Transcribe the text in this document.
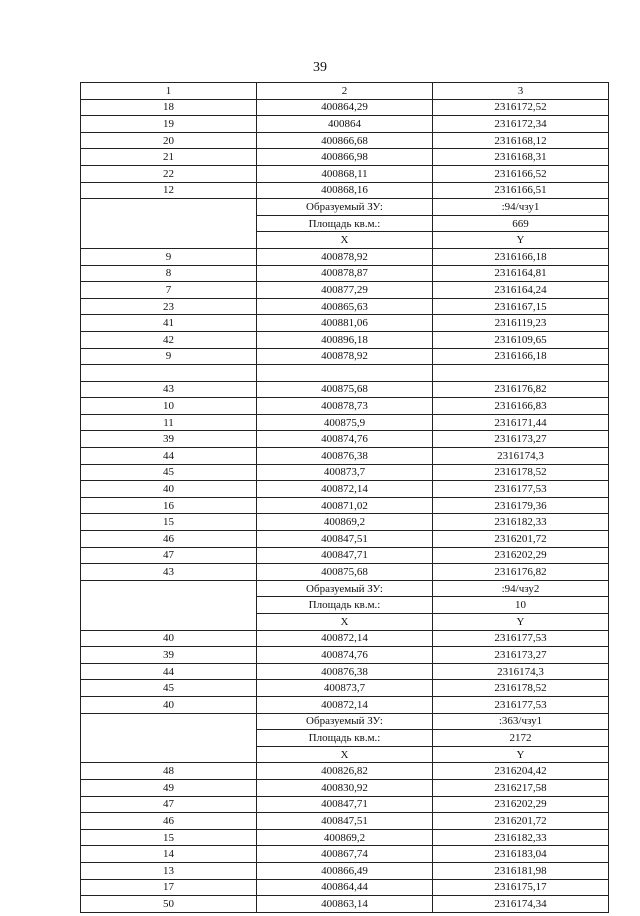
39
1	2	3
18	400864,29	2316172,52
19	400864	2316172,34
20	400866,68	2316168,12
21	400866,98	2316168,31
22	400868,11	2316166,52
12	400868,16	2316166,51
	Образуемый ЗУ:	:94/чзу1
	Площадь кв.м.:	669
	X	Y
9	400878,92	2316166,18
8	400878,87	2316164,81
7	400877,29	2316164,24
23	400865,63	2316167,15
41	400881,06	2316119,23
42	400896,18	2316109,65
9	400878,92	2316166,18

43	400875,68	2316176,82
10	400878,73	2316166,83
11	400875,9	2316171,44
39	400874,76	2316173,27
44	400876,38	2316174,3
45	400873,7	2316178,52
40	400872,14	2316177,53
16	400871,02	2316179,36
15	400869,2	2316182,33
46	400847,51	2316201,72
47	400847,71	2316202,29
43	400875,68	2316176,82
	Образуемый ЗУ:	:94/чзу2
	Площадь кв.м.:	10
	X	Y
40	400872,14	2316177,53
39	400874,76	2316173,27
44	400876,38	2316174,3
45	400873,7	2316178,52
40	400872,14	2316177,53
	Образуемый ЗУ:	:363/чзу1
	Площадь кв.м.:	2172
	X	Y
48	400826,82	2316204,42
49	400830,92	2316217,58
47	400847,71	2316202,29
46	400847,51	2316201,72
15	400869,2	2316182,33
14	400867,74	2316183,04
13	400866,49	2316181,98
17	400864,44	2316175,17
50	400863,14	2316174,34
